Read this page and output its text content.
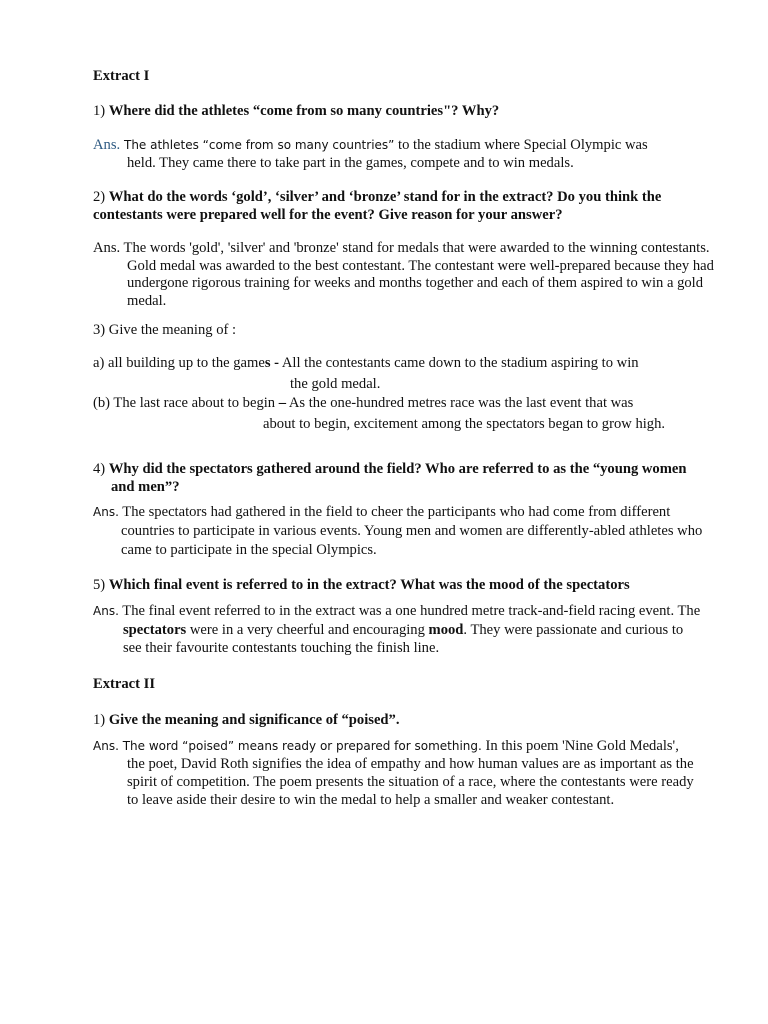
Extract I

1) Where did the athletes “come from so many countries"? Why?

Ans. The athletes “come from so many countries” to the stadium where Special Olympic was
held. They came there to take part in the games, compete and to win medals.

2) What do the words ‘gold’, ‘silver’ and ‘bronze’ stand for in the extract? Do you think the contestants were prepared well for the event? Give reason for your answer?

Ans. The words 'gold', 'silver' and 'bronze' stand for medals that were awarded to the winning contestants. Gold medal was awarded to the best contestant. The contestant were well-prepared because they had undergone rigorous training for weeks and months together and each of them aspired to win a gold medal.

3) Give the meaning of :

a) all building up to the games - All the contestants came down to the stadium aspiring to win
the gold medal.

(b) The last race about to begin – As the one-hundred metres race was the last event that was
about to begin, excitement among the spectators began to grow high.

4) Why did the spectators gathered around the field? Who are referred to as the “young women and men”?

Ans. The spectators had gathered in the field to cheer the participants who had come from different countries to participate in various events. Young men and women are differently-abled athletes who came to participate in the special Olympics.

5) Which final event is referred to in the extract? What was the mood of the spectators

Ans. The final event referred to in the extract was a one hundred metre track-and-field racing event. The spectators were in a very cheerful and encouraging mood. They were passionate and curious to see their favourite contestants touching the finish line.

Extract II

1) Give the meaning and significance of “poised”.

Ans. The word “poised” means ready or prepared for something. In this poem 'Nine Gold Medals', the poet, David Roth signifies the idea of empathy and how human values are as important as the spirit of competition. The poem presents the situation of a race, where the contestants were ready to leave aside their desire to win the medal to help a smaller and weaker contestant.
